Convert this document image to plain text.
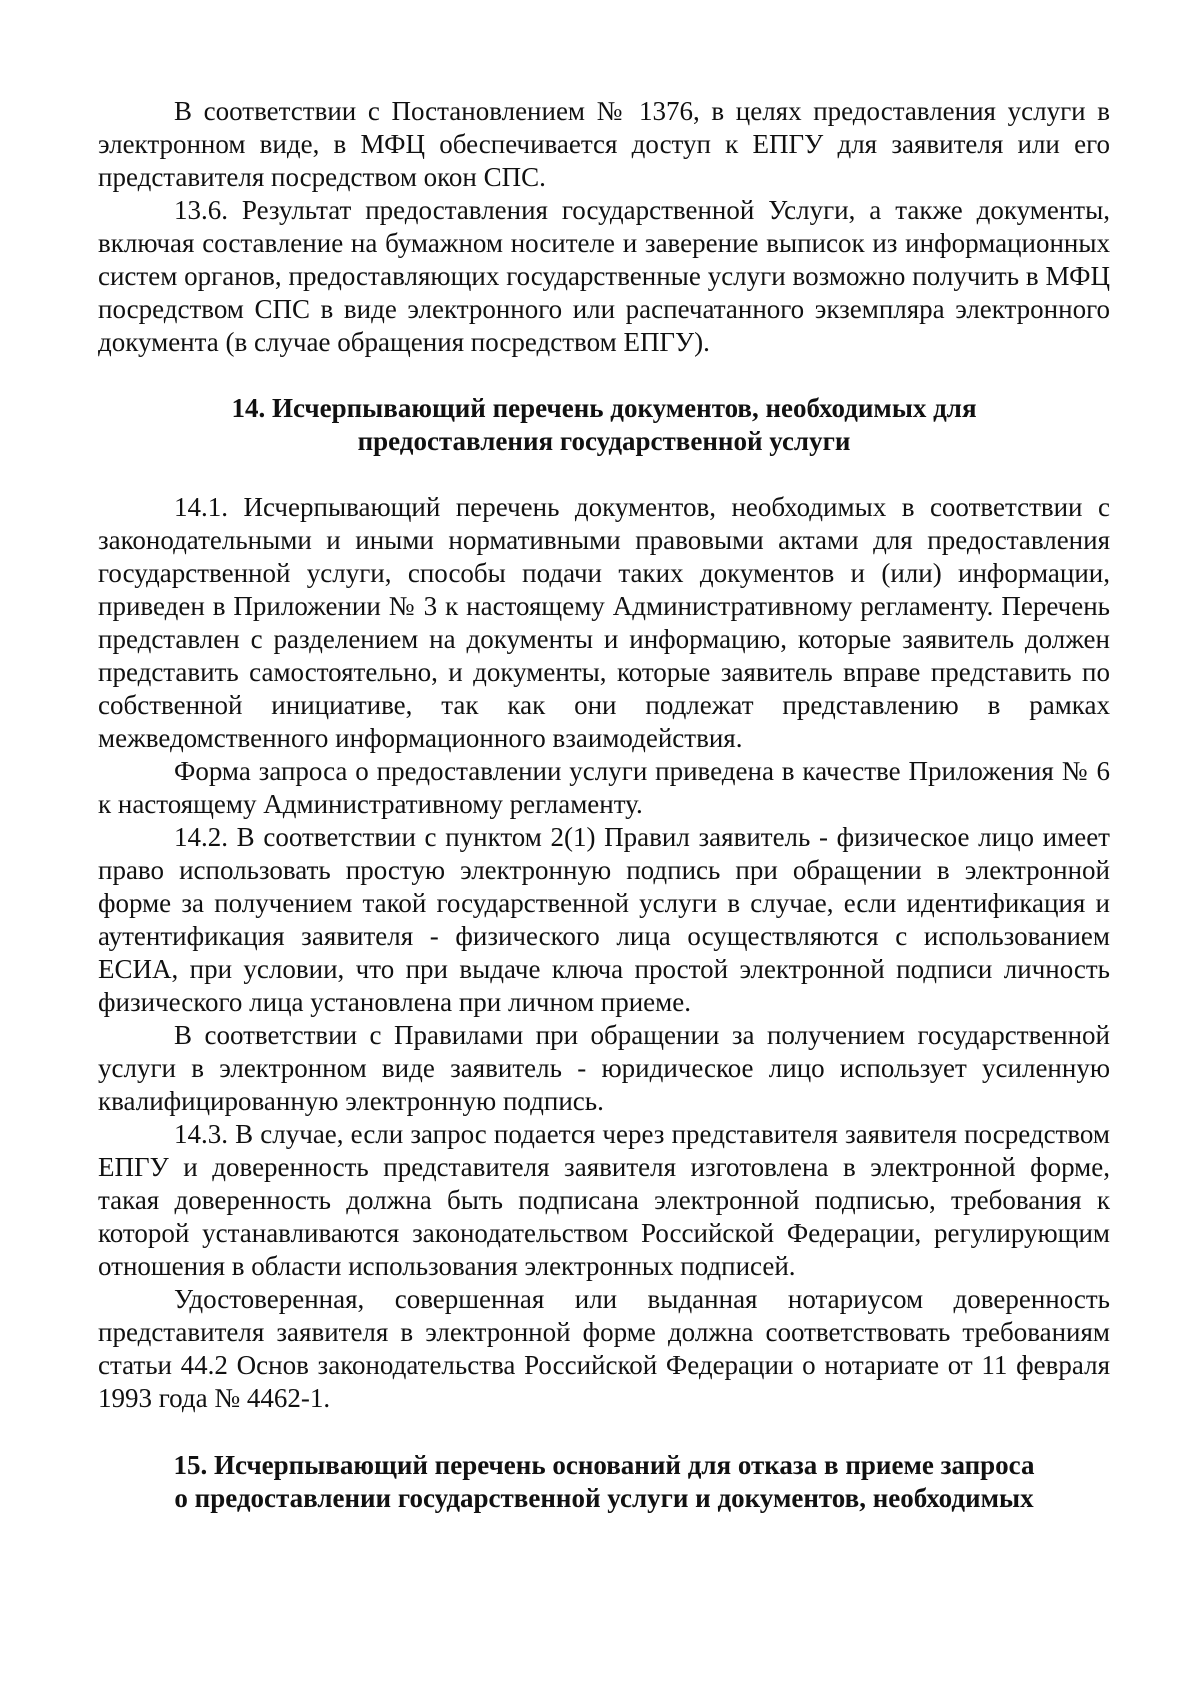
В соответствии с Постановлением № 1376, в целях предоставления услуги в электронном виде, в МФЦ обеспечивается доступ к ЕПГУ для заявителя или его представителя посредством окон СПС.

13.6. Результат предоставления государственной Услуги, а также документы, включая составление на бумажном носителе и заверение выписок из информационных систем органов, предоставляющих государственные услуги возможно получить в МФЦ посредством СПС в виде электронного или распечатанного экземпляра электронного документа (в случае обращения посредством ЕПГУ).

14. Исчерпывающий перечень документов, необходимых для
предоставления государственной услуги

14.1. Исчерпывающий перечень документов, необходимых в соответствии с законодательными и иными нормативными правовыми актами для предоставления государственной услуги, способы подачи таких документов и (или) информации, приведен в Приложении № 3 к настоящему Административному регламенту. Перечень представлен с разделением на документы и информацию, которые заявитель должен представить самостоятельно, и документы, которые заявитель вправе представить по собственной инициативе, так как они подлежат представлению в рамках межведомственного информационного взаимодействия.

Форма запроса о предоставлении услуги приведена в качестве Приложения № 6 к настоящему Административному регламенту.

14.2. В соответствии с пунктом 2(1) Правил заявитель - физическое лицо имеет право использовать простую электронную подпись при обращении в электронной форме за получением такой государственной услуги в случае, если идентификация и аутентификация заявителя - физического лица осуществляются с использованием ЕСИА, при условии, что при выдаче ключа простой электронной подписи личность физического лица установлена при личном приеме.

В соответствии с Правилами при обращении за получением государственной услуги в электронном виде заявитель - юридическое лицо использует усиленную квалифицированную электронную подпись.

14.3. В случае, если запрос подается через представителя заявителя посредством ЕПГУ и доверенность представителя заявителя изготовлена в электронной форме, такая доверенность должна быть подписана электронной подписью, требования к которой устанавливаются законодательством Российской Федерации, регулирующим отношения в области использования электронных подписей.

Удостоверенная, совершенная или выданная нотариусом доверенность представителя заявителя в электронной форме должна соответствовать требованиям статьи 44.2 Основ законодательства Российской Федерации о нотариате от 11 февраля 1993 года № 4462-1.

15. Исчерпывающий перечень оснований для отказа в приеме запроса
о предоставлении государственной услуги и документов, необходимых
